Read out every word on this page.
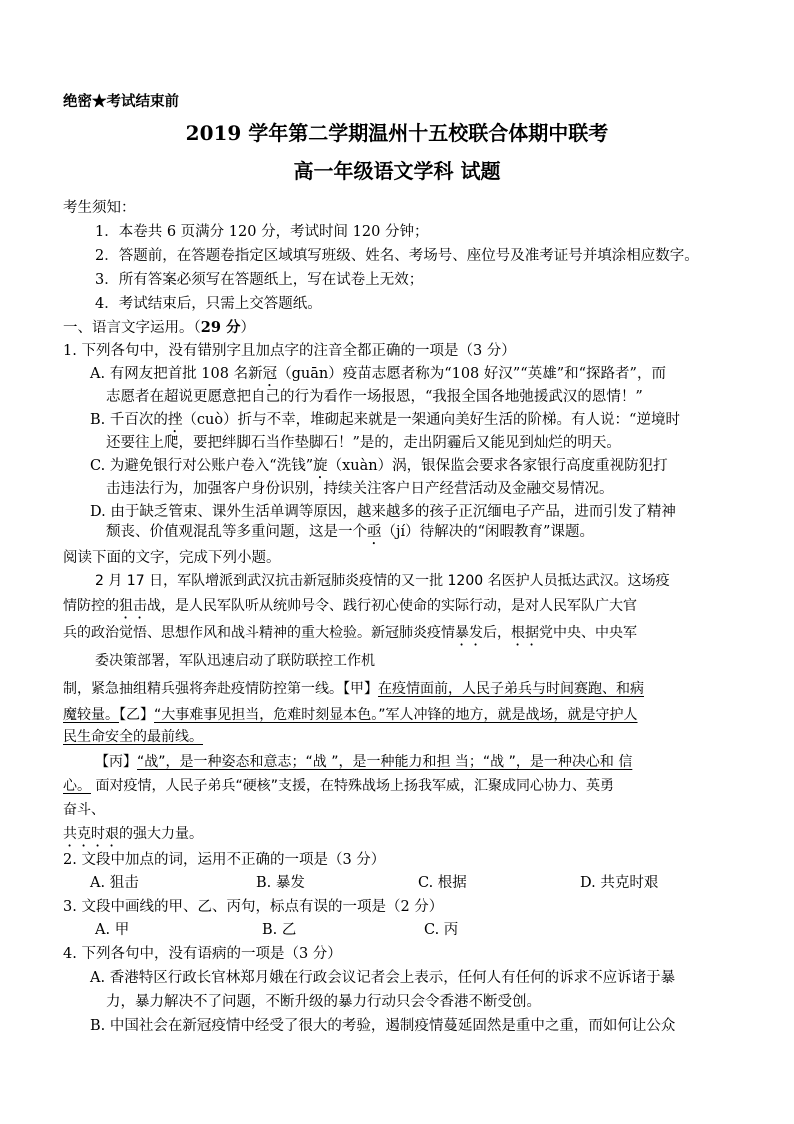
绝密★考试结束前
2019 学年第二学期温州十五校联合体期中联考
高一年级语文学科 试题
考生须知：
1．本卷共 6 页满分 120 分，考试时间 120 分钟；
2．答题前，在答题卷指定区域填写班级、姓名、考场号、座位号及准考证号并填涂相应数字。
3．所有答案必须写在答题纸上，写在试卷上无效；
4．考试结束后，只需上交答题纸。
一、语言文字运用。（29 分）
1. 下列各句中，没有错别字且加点字的注音全都正确的一项是（3 分）
A. 有网友把首批 108 名新冠（guān）疫苗志愿者称为“108 好汉”“英雄”和“探路者”，而
志愿者在超说更愿意把自己的行为看作一场报恩，“我报全国各地弛援武汉的恩情！”
B. 千百次的挫（cuò）折与不幸，堆砌起来就是一架通向美好生活的阶梯。有人说：“逆境时
还要往上爬，要把绊脚石当作垫脚石！”是的，走出阴霾后又能见到灿烂的明天。
C. 为避免银行对公账户卷入“洗钱”旋（xuàn）涡，银保监会要求各家银行高度重视防犯打
击违法行为，加强客户身份识别，持续关注客户日产经营活动及金融交易情况。
D. 由于缺乏管束、课外生活单调等原因，越来越多的孩子正沉缅电子产品，进而引发了精神
颓丧、价值观混乱等多重问题，这是一个亟（jí）待解决的“闲暇教育”课题。
阅读下面的文字，完成下列小题。
2 月 17 日，军队增派到武汉抗击新冠肺炎疫情的又一批 1200 名医护人员抵达武汉。这场疫
情防控的狙击战，是人民军队听从统帅号令、践行初心使命的实际行动，是对人民军队广大官
兵的政治觉悟、思想作风和战斗精神的重大检验。新冠肺炎疫情暴发后，根据党中央、中央军
委决策部署，军队迅速启动了联防联控工作机
制，紧急抽组精兵强将奔赴疫情防控第一线。【甲】在疫情面前，人民子弟兵与时间赛跑、和病
魔较量。【乙】“大事难事见担当，危难时刻显本色。”军人冲锋的地方，就是战场，就是守护人
民生命安全的最前线。
【丙】“战”，是一种姿态和意志；“战 ”，是一种能力和担 当；“战 ”，是一种决心和 信
心。 面对疫情，人民子弟兵“硬核”支援，在特殊战场上扬我军威，汇聚成同心协力、英勇
奋斗、
共克时艰的强大力量。
2. 文段中加点的词，运用不正确的一项是（3 分）
A. 狙击	B. 暴发	C. 根据	D. 共克时艰
3. 文段中画线的甲、乙、丙句，标点有误的一项是（2 分）
A. 甲	B. 乙	C. 丙
4. 下列各句中，没有语病的一项是（3 分）
A. 香港特区行政长官林郑月娥在行政会议记者会上表示，任何人有任何的诉求不应诉诸于暴
力，暴力解决不了问题，不断升级的暴力行动只会令香港不断受创。
B. 中国社会在新冠疫情中经受了很大的考验，遏制疫情蔓延固然是重中之重，而如何让公众
